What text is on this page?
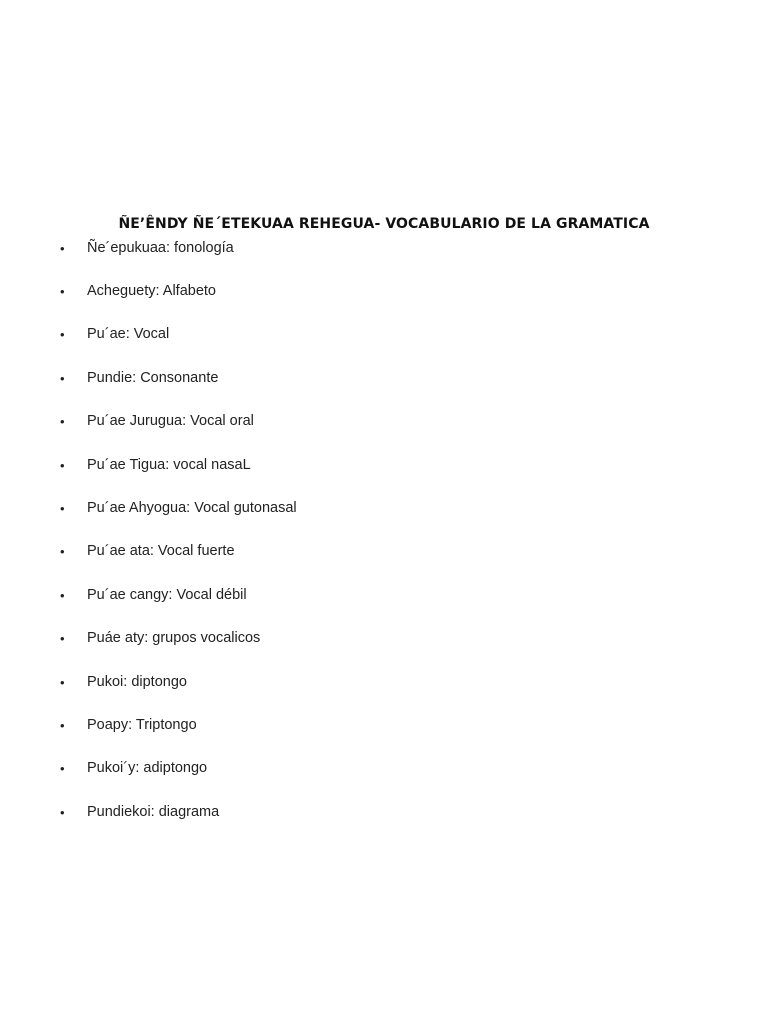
ÑE’ÊNDY ÑE´ETEKUAA REHEGUA- VOCABULARIO DE LA GRAMATICA
• Ñe´epukuaa: fonología
• Acheguety: Alfabeto
• Pu´ae: Vocal
• Pundie: Consonante
• Pu´ae Jurugua: Vocal oral
• Pu´ae Tigua: vocal nasaL
• Pu´ae Ahyogua: Vocal gutonasal
• Pu´ae ata: Vocal fuerte
• Pu´ae cangy: Vocal débil
• Puáe aty: grupos vocalicos
• Pukoi: diptongo
• Poapy: Triptongo
• Pukoi´y: adiptongo
• Pundiekoi: diagrama
